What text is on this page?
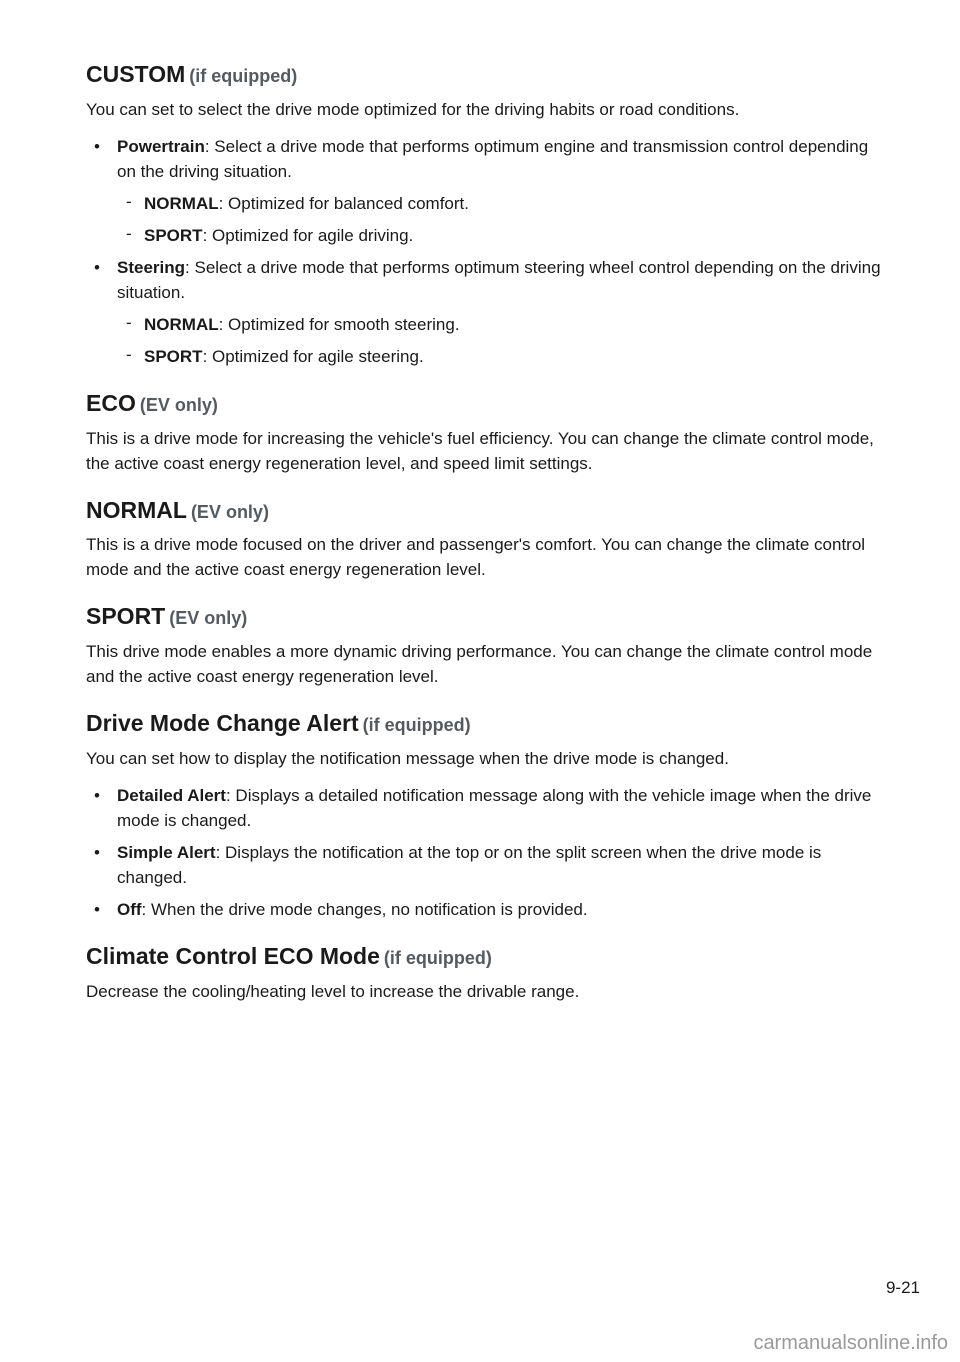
CUSTOM (if equipped)

You can set to select the drive mode optimized for the driving habits or road conditions.

• Powertrain: Select a drive mode that performs optimum engine and transmission control depending on the driving situation.
- NORMAL: Optimized for balanced comfort.
- SPORT: Optimized for agile driving.
• Steering: Select a drive mode that performs optimum steering wheel control depending on the driving situation.
- NORMAL: Optimized for smooth steering.
- SPORT: Optimized for agile steering.
ECO (EV only)

This is a drive mode for increasing the vehicle's fuel efficiency. You can change the climate control mode, the active coast energy regeneration level, and speed limit settings.

NORMAL (EV only)

This is a drive mode focused on the driver and passenger's comfort. You can change the climate control mode and the active coast energy regeneration level.

SPORT (EV only)

This drive mode enables a more dynamic driving performance. You can change the climate control mode and the active coast energy regeneration level.

Drive Mode Change Alert (if equipped)

You can set how to display the notification message when the drive mode is changed.

• Detailed Alert: Displays a detailed notification message along with the vehicle image when the drive mode is changed.
• Simple Alert: Displays the notification at the top or on the split screen when the drive mode is changed.
• Off: When the drive mode changes, no notification is provided.
Climate Control ECO Mode (if equipped)

Decrease the cooling/heating level to increase the drivable range.

9-21
carmanualsonline.info
